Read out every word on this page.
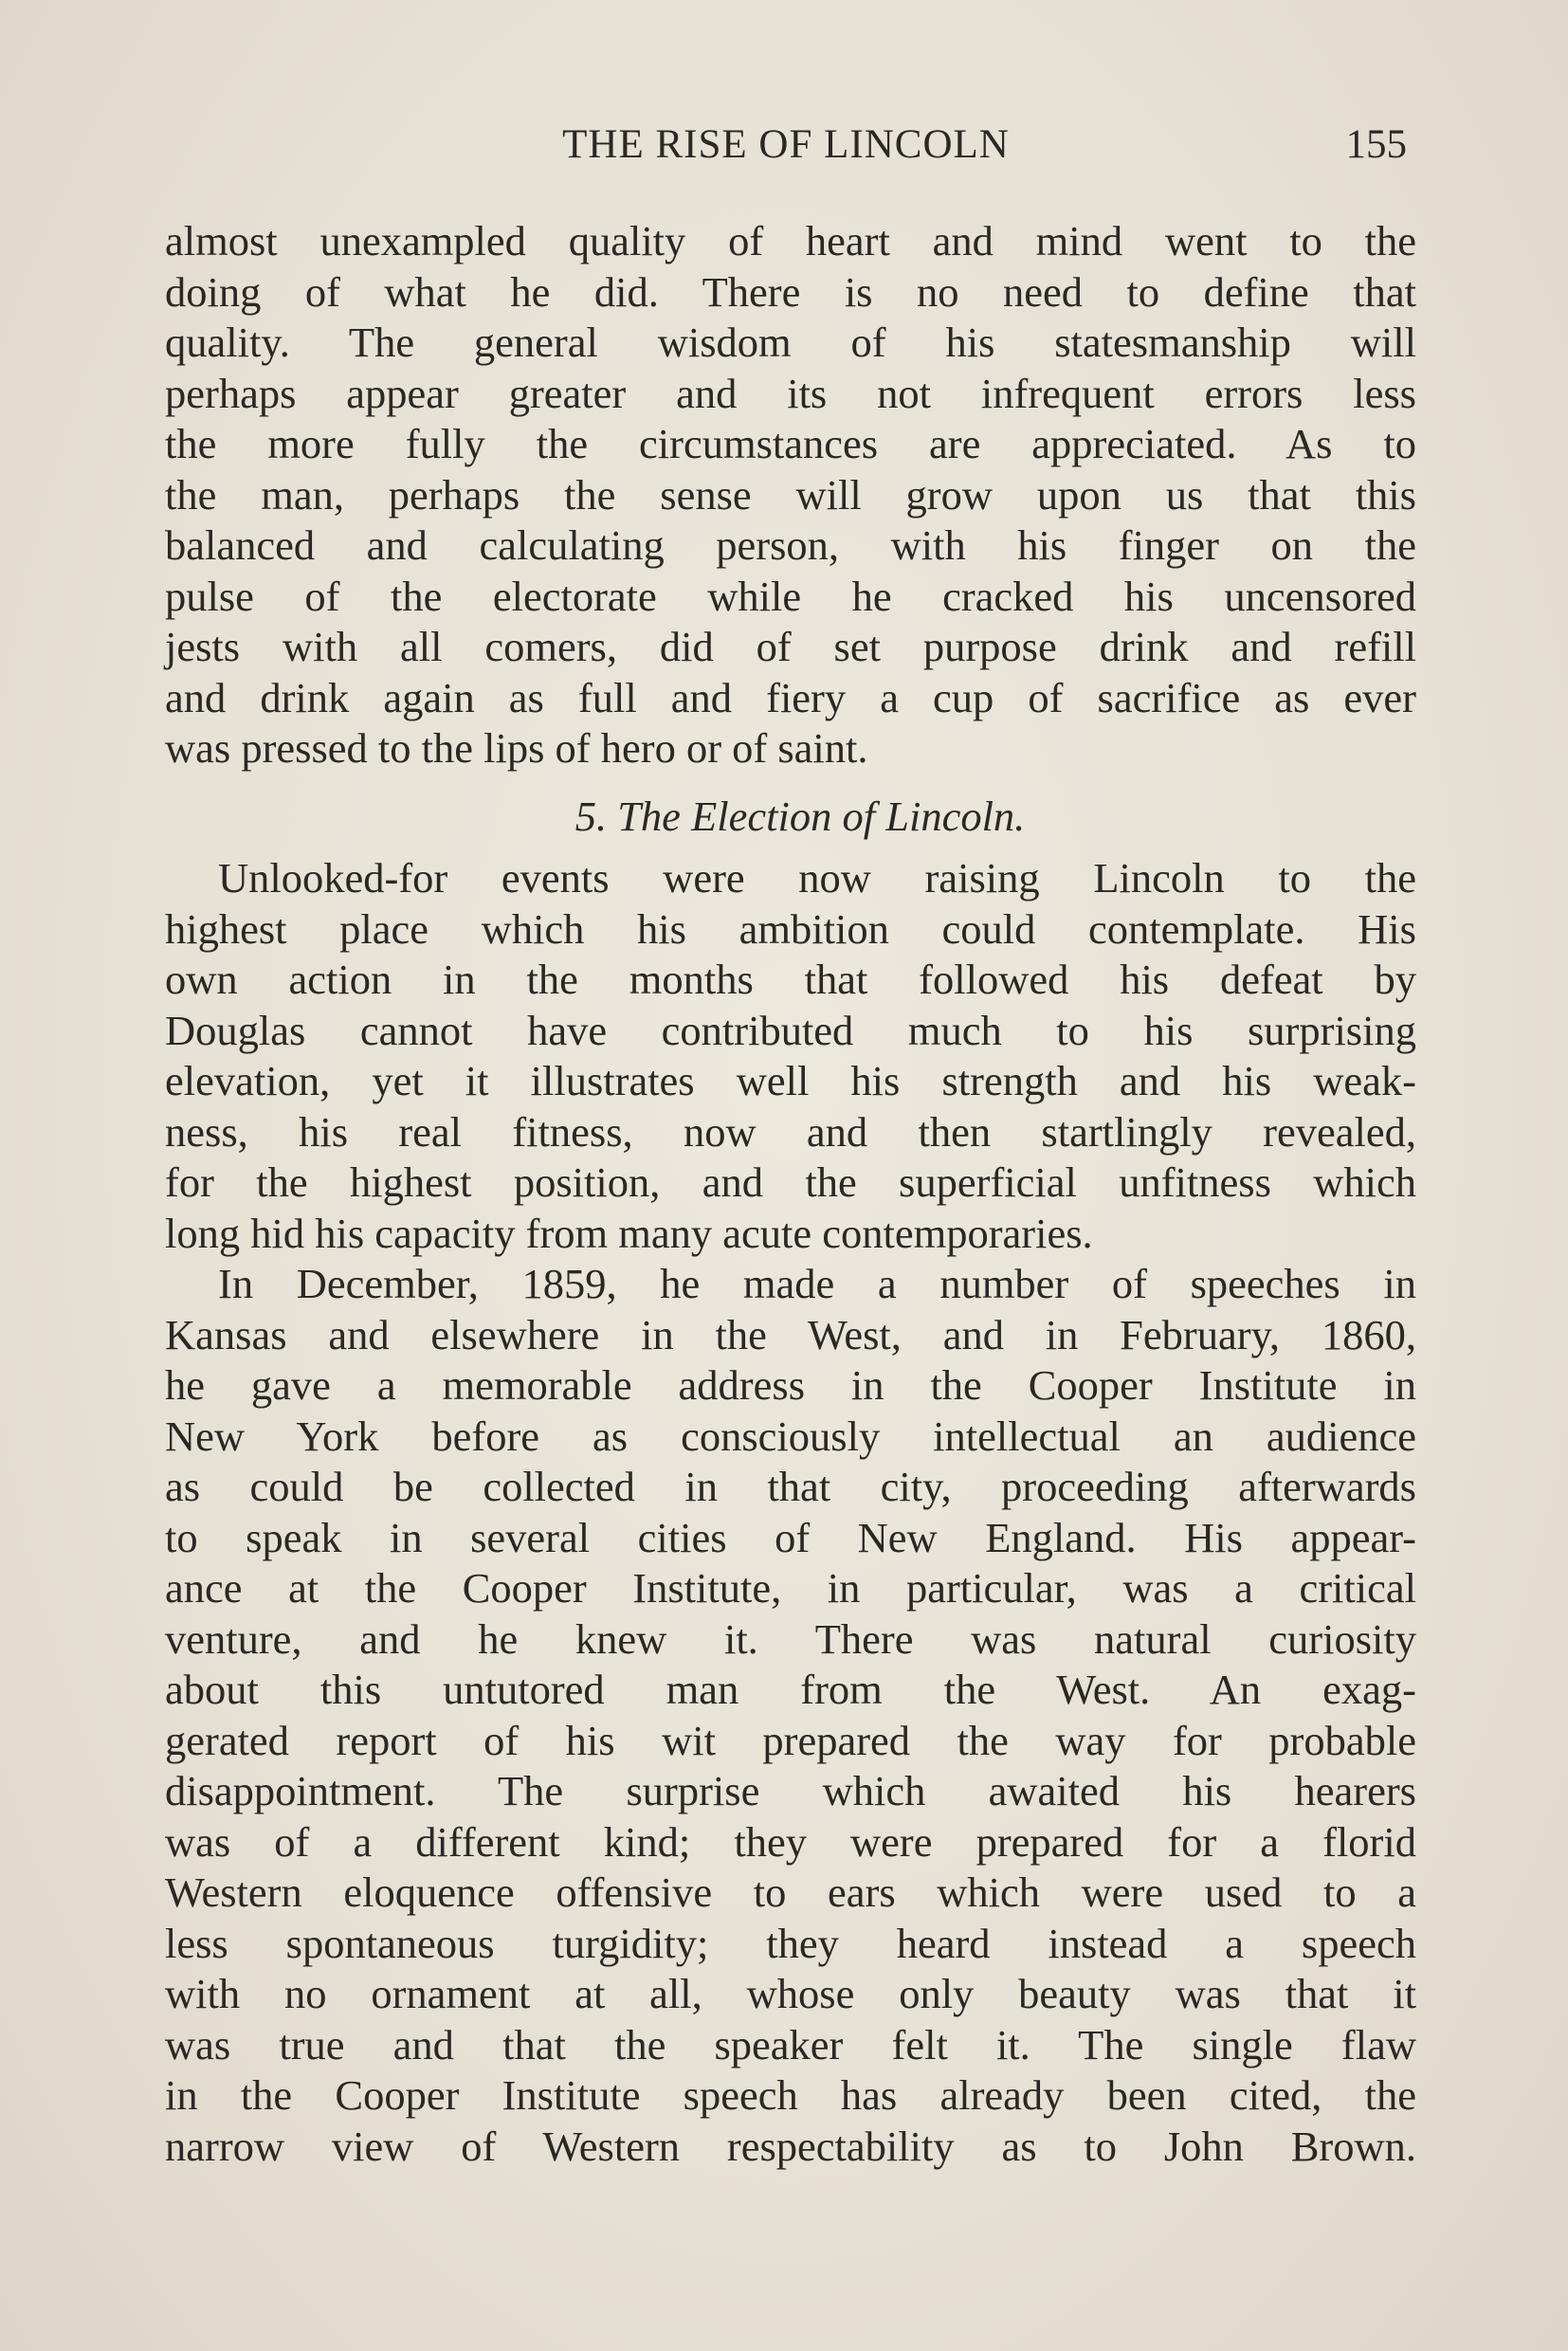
THE RISE OF LINCOLN	155
almost unexampled quality of heart and mind went to the
doing of what he did. There is no need to define that
quality. The general wisdom of his statesmanship will
perhaps appear greater and its not infrequent errors less
the more fully the circumstances are appreciated. As to
the man, perhaps the sense will grow upon us that this
balanced and calculating person, with his finger on the
pulse of the electorate while he cracked his uncensored
jests with all comers, did of set purpose drink and refill
and drink again as full and fiery a cup of sacrifice as ever
was pressed to the lips of hero or of saint.
5. The Election of Lincoln.
Unlooked-for events were now raising Lincoln to the
highest place which his ambition could contemplate. His
own action in the months that followed his defeat by
Douglas cannot have contributed much to his surprising
elevation, yet it illustrates well his strength and his weak-
ness, his real fitness, now and then startlingly revealed,
for the highest position, and the superficial unfitness which
long hid his capacity from many acute contemporaries.
In December, 1859, he made a number of speeches in
Kansas and elsewhere in the West, and in February, 1860,
he gave a memorable address in the Cooper Institute in
New York before as consciously intellectual an audience
as could be collected in that city, proceeding afterwards
to speak in several cities of New England. His appear-
ance at the Cooper Institute, in particular, was a critical
venture, and he knew it. There was natural curiosity
about this untutored man from the West. An exag-
gerated report of his wit prepared the way for probable
disappointment. The surprise which awaited his hearers
was of a different kind; they were prepared for a florid
Western eloquence offensive to ears which were used to a
less spontaneous turgidity; they heard instead a speech
with no ornament at all, whose only beauty was that it
was true and that the speaker felt it. The single flaw
in the Cooper Institute speech has already been cited, the
narrow view of Western respectability as to John Brown.
